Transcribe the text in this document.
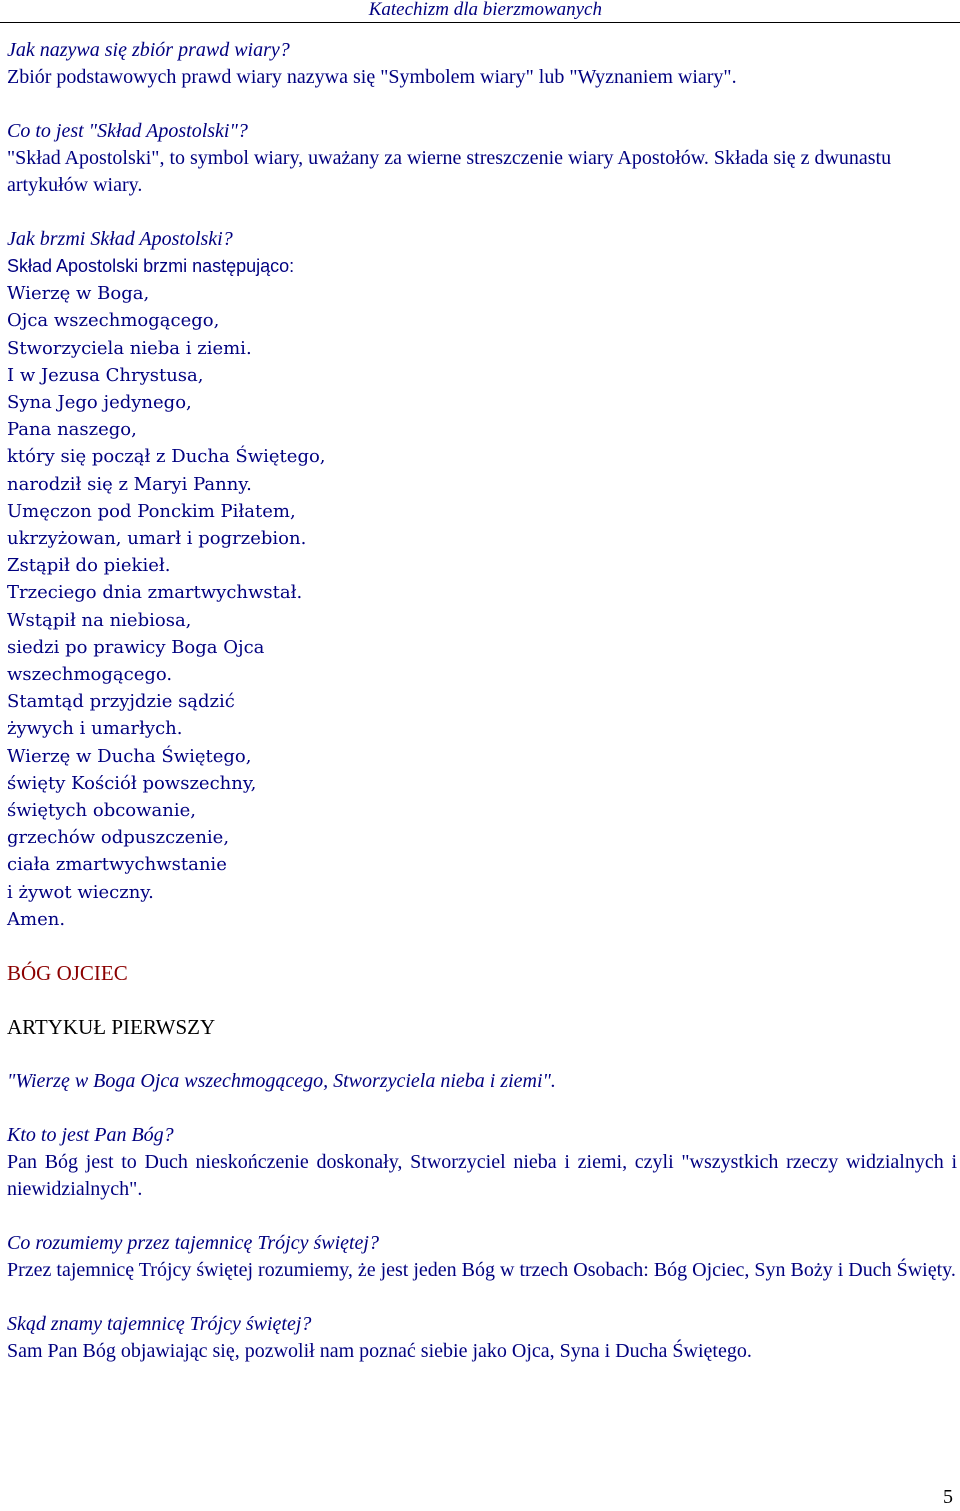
Katechizm dla bierzmowanych
Jak nazywa się zbiór prawd wiary?
Zbiór podstawowych prawd wiary nazywa się "Symbolem wiary" lub "Wyznaniem wiary".
Co to jest "Skład Apostolski"?
"Skład Apostolski", to symbol wiary, uważany za wierne streszczenie wiary Apostołów. Składa się z dwunastu artykułów wiary.
Jak brzmi Skład Apostolski?
Skład Apostolski brzmi następująco:
Wierzę w Boga,
Ojca wszechmogącego,
Stworzyciela nieba i ziemi.
I w Jezusa Chrystusa,
Syna Jego jedynego,
Pana naszego,
który się począł z Ducha Świętego,
narodził się z Maryi Panny.
Umęczon pod Ponckim Piłatem,
ukrzyżowan, umarł i pogrzebion.
Zstąpił do piekieł.
Trzeciego dnia zmartwychwstał.
Wstąpił na niebiosa,
siedzi po prawicy Boga Ojca
wszechmogącego.
Stamtąd przyjdzie sądzić
żywych i umarłych.
Wierzę w Ducha Świętego,
święty Kościół powszechny,
świętych obcowanie,
grzechów odpuszczenie,
ciała zmartwychwstanie
i żywot wieczny.
Amen.
BÓG OJCIEC
ARTYKUŁ PIERWSZY
"Wierzę w Boga Ojca wszechmogącego, Stworzyciela nieba i ziemi".
Kto to jest Pan Bóg?
Pan Bóg jest to Duch nieskończenie doskonały, Stworzyciel nieba i ziemi, czyli "wszystkich rzeczy widzialnych i niewidzialnych".
Co rozumiemy przez tajemnicę Trójcy świętej?
Przez tajemnicę Trójcy świętej rozumiemy, że jest jeden Bóg w trzech Osobach: Bóg Ojciec, Syn Boży i Duch Święty.
Skąd znamy tajemnicę Trójcy świętej?
Sam Pan Bóg objawiając się, pozwolił nam poznać siebie jako Ojca, Syna i Ducha Świętego.
5
